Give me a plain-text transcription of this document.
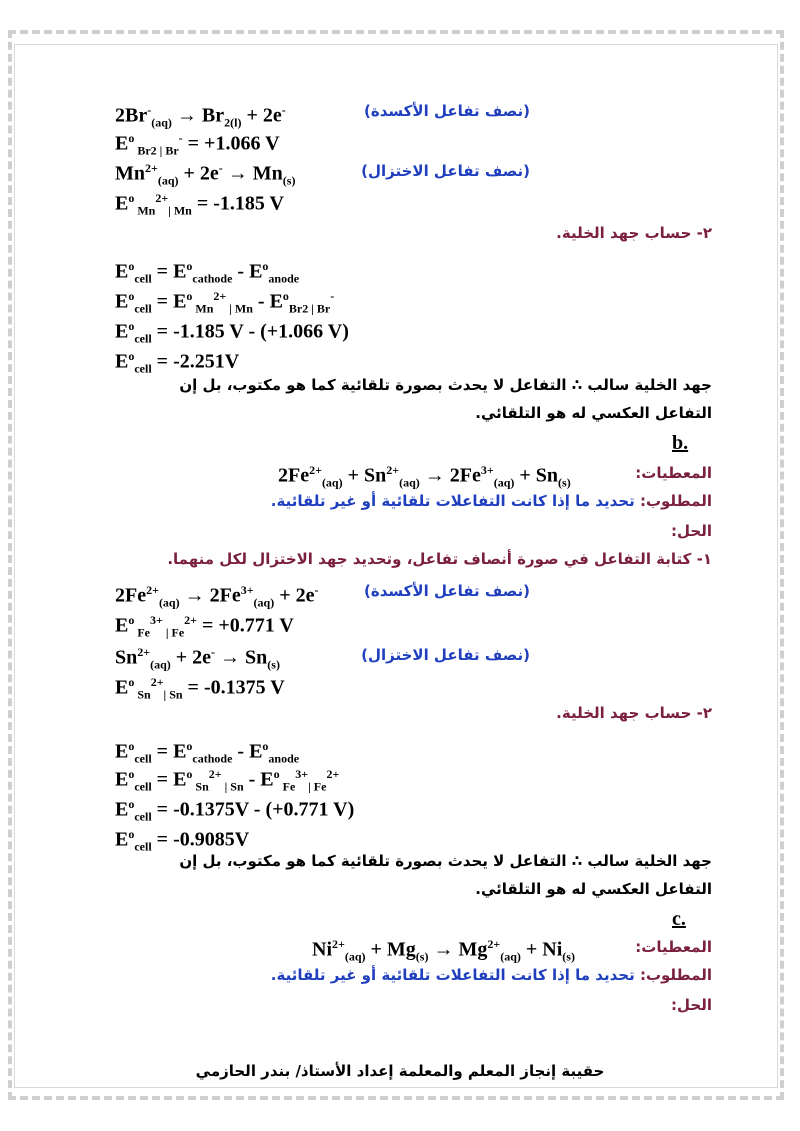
$2Br^-_{(aq)} \to Br_{2(l)} + 2e^-$	(نصف تفاعل الأكسدة)
$E^o$ $_{Br2 | Br}$- = +1.066 V
$Mn^{2+}_{(aq)} + 2e^- \to Mn_{(s)}$
(نصف تفاعل الاختزال)
$E^o$ $_{Mn}^{2+}_{| Mn}$ = -1.185 V
٢- حساب جهد الخلية.
$E^o_{cell} = E^o_{cathode} - E^o_{anode}$
$E^o_{cell} = E^o$ $_{Mn}^{2+}$ $_{| Mn} - E^o_{Br2 | Br}^-$
$E^o_{cell} = -1.185$ V - (+1.066 V)
$E^o_{cell} = -2.251V$
جهد الخلية سالب ∴ التفاعل لا يحدث بصورة تلقائية كما هو مكتوب، بل إن
التفاعل العكسي له هو التلقائي.
b.
المعطيات:
$2Fe^{2+}_{(aq)} + Sn^{2+}_{(aq)} \to 2Fe^{3+}_{(aq)} + Sn_{(s)}$
المطلوب: تحديد ما إذا كانت التفاعلات تلقائية أو غير تلقائية.
الحل:
١- كتابة التفاعل في صورة أنصاف تفاعل، وتحديد جهد الاختزال لكل منهما.
$2Fe^{2+}_{(aq)} \to 2Fe^{3+}_{(aq)} + 2e^-$	(نصف تفاعل الأكسدة)
$E^o$ $_{Fe}^{3+}$ $_{| Fe}^{2+}$ = +0.771 V
$Sn^{2+}_{(aq)} + 2e^- \to Sn_{(s)}$
(نصف تفاعل الاختزال)
$E^o$ $_{Sn}^{2+}_{| Sn}$ = -0.1375 V
٢- حساب جهد الخلية.
$E^o_{cell} = E^o_{cathode} - E^o_{anode}$
$E^o_{cell} = E^o$ $_{Sn}^{2+}$ $_{| Sn} - E^o$ $_{Fe}^{3+}_{| Fe}^{2+}$
$E^o_{cell} = -0.1375V - (+0.771$ V)
$E^o_{cell} = -0.9085V$
جهد الخلية سالب ∴ التفاعل لا يحدث بصورة تلقائية كما هو مكتوب، بل إن
التفاعل العكسي له هو التلقائي.
c.
المعطيات:
$Ni^{2+}_{(aq)} + Mg_{(s)} \to Mg^{2+}_{(aq)} + Ni_{(s)}$
المطلوب: تحديد ما إذا كانت التفاعلات تلقائية أو غير تلقائية.
الحل:
حقيبة إنجاز المعلم والمعلمة إعداد الأستاذ/ بندر الحازمي
